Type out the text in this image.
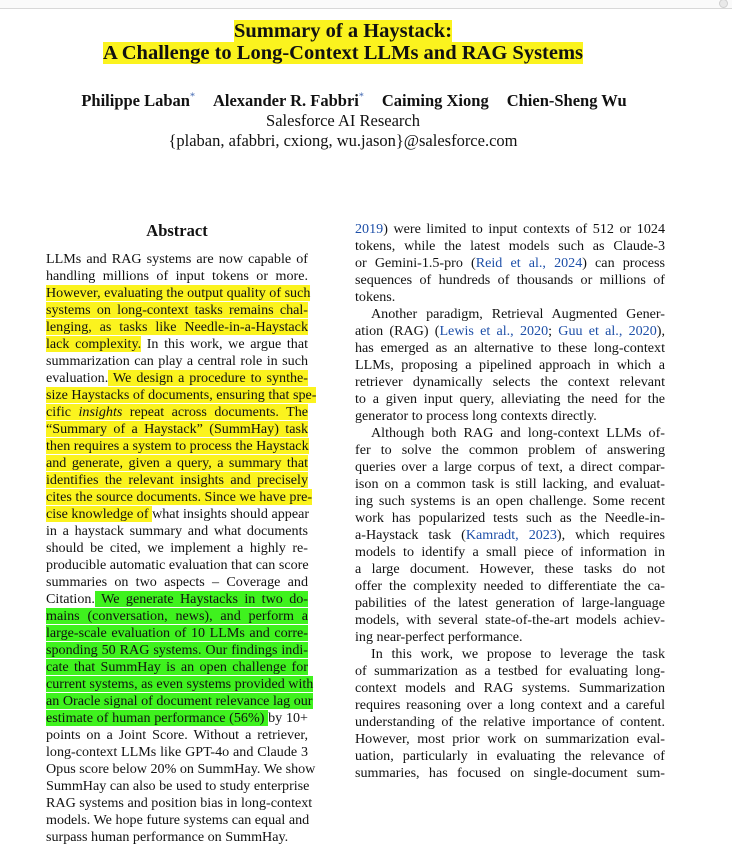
Summary of a Haystack:
A Challenge to Long-Context LLMs and RAG Systems
Philippe Laban* Alexander R. Fabbri* Caiming Xiong Chien-Sheng Wu
Salesforce AI Research
{plaban, afabbri, cxiong, wu.jason}@salesforce.com
Abstract
LLMs and RAG systems are now capable of
handling millions of input tokens or more.
However, evaluating the output quality of such
systems on long-context tasks remains chal-
lenging, as tasks like Needle-in-a-Haystack
lack complexity. In this work, we argue that
summarization can play a central role in such
evaluation. We design a procedure to synthe-
size Haystacks of documents, ensuring that spe-
cific insights repeat across documents. The
“Summary of a Haystack” (SummHay) task
then requires a system to process the Haystack
and generate, given a query, a summary that
identifies the relevant insights and precisely
cites the source documents. Since we have pre-
cise knowledge of what insights should appear
in a haystack summary and what documents
should be cited, we implement a highly re-
producible automatic evaluation that can score
summaries on two aspects – Coverage and
Citation. We generate Haystacks in two do-
mains (conversation, news), and perform a
large-scale evaluation of 10 LLMs and corre-
sponding 50 RAG systems. Our findings indi-
cate that SummHay is an open challenge for
current systems, as even systems provided with
an Oracle signal of document relevance lag our
estimate of human performance (56%) by 10+
points on a Joint Score. Without a retriever,
long-context LLMs like GPT-4o and Claude 3
Opus score below 20% on SummHay. We show
SummHay can also be used to study enterprise
RAG systems and position bias in long-context
models. We hope future systems can equal and
surpass human performance on SummHay.
2019) were limited to input contexts of 512 or 1024
tokens, while the latest models such as Claude-3
or Gemini-1.5-pro (Reid et al., 2024) can process
sequences of hundreds of thousands or millions of
tokens.
Another paradigm, Retrieval Augmented Gener-
ation (RAG) (Lewis et al., 2020; Guu et al., 2020),
has emerged as an alternative to these long-context
LLMs, proposing a pipelined approach in which a
retriever dynamically selects the context relevant
to a given input query, alleviating the need for the
generator to process long contexts directly.
Although both RAG and long-context LLMs of-
fer to solve the common problem of answering
queries over a large corpus of text, a direct compar-
ison on a common task is still lacking, and evaluat-
ing such systems is an open challenge. Some recent
work has popularized tests such as the Needle-in-
a-Haystack task (Kamradt, 2023), which requires
models to identify a small piece of information in
a large document. However, these tasks do not
offer the complexity needed to differentiate the ca-
pabilities of the latest generation of large-language
models, with several state-of-the-art models achiev-
ing near-perfect performance.
In this work, we propose to leverage the task
of summarization as a testbed for evaluating long-
context models and RAG systems. Summarization
requires reasoning over a long context and a careful
understanding of the relative importance of content.
However, most prior work on summarization eval-
uation, particularly in evaluating the relevance of
summaries, has focused on single-document sum-
